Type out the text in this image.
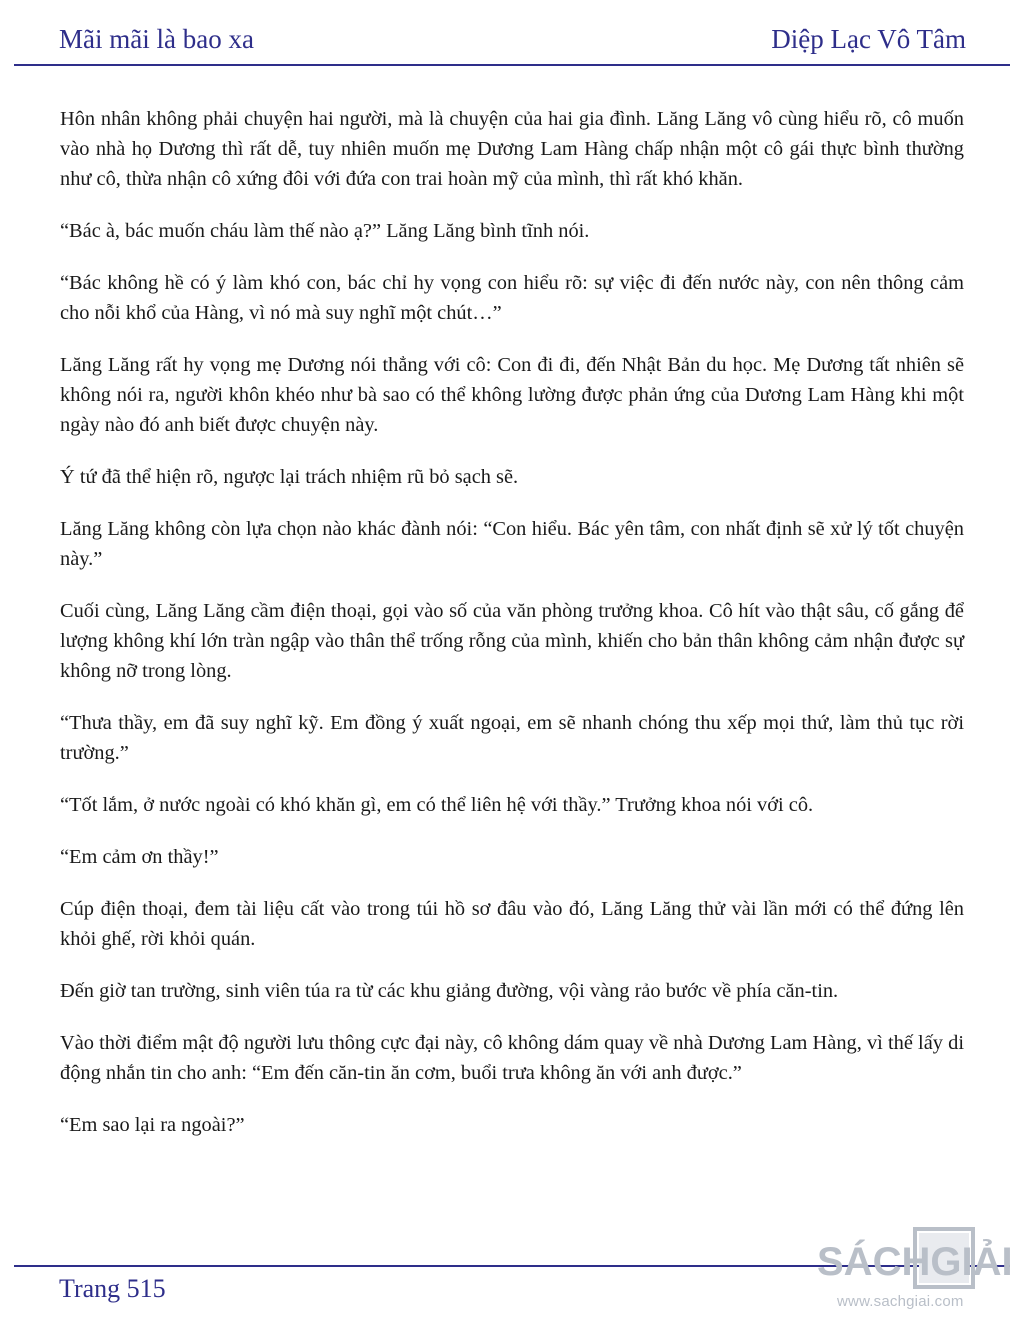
Mãi mãi là bao xa	Diệp Lạc Vô Tâm

Hôn nhân không phải chuyện hai người, mà là chuyện của hai gia đình. Lăng Lăng vô cùng hiểu rõ, cô muốn vào nhà họ Dương thì rất dễ, tuy nhiên muốn mẹ Dương Lam Hàng chấp nhận một cô gái thực bình thường như cô, thừa nhận cô xứng đôi với đứa con trai hoàn mỹ của mình, thì rất khó khăn.

“Bác à, bác muốn cháu làm thế nào ạ?” Lăng Lăng bình tĩnh nói.

“Bác không hề có ý làm khó con, bác chỉ hy vọng con hiểu rõ: sự việc đi đến nước này, con nên thông cảm cho nỗi khổ của Hàng, vì nó mà suy nghĩ một chút…”

Lăng Lăng rất hy vọng mẹ Dương nói thẳng với cô: Con đi đi, đến Nhật Bản du học. Mẹ Dương tất nhiên sẽ không nói ra, người khôn khéo như bà sao có thể không lường được phản ứng của Dương Lam Hàng khi một ngày nào đó anh biết được chuyện này.

Ý tứ đã thể hiện rõ, ngược lại trách nhiệm rũ bỏ sạch sẽ.

Lăng Lăng không còn lựa chọn nào khác đành nói: “Con hiểu. Bác yên tâm, con nhất định sẽ xử lý tốt chuyện này.”

Cuối cùng, Lăng Lăng cầm điện thoại, gọi vào số của văn phòng trưởng khoa. Cô hít vào thật sâu, cố gắng để lượng không khí lớn tràn ngập vào thân thể trống rỗng của mình, khiến cho bản thân không cảm nhận được sự không nỡ trong lòng.

“Thưa thầy, em đã suy nghĩ kỹ. Em đồng ý xuất ngoại, em sẽ nhanh chóng thu xếp mọi thứ, làm thủ tục rời trường.”

“Tốt lắm, ở nước ngoài có khó khăn gì, em có thể liên hệ với thầy.” Trưởng khoa nói với cô.

“Em cảm ơn thầy!”

Cúp điện thoại, đem tài liệu cất vào trong túi hồ sơ đâu vào đó, Lăng Lăng thử vài lần mới có thể đứng lên khỏi ghế, rời khỏi quán.

Đến giờ tan trường, sinh viên túa ra từ các khu giảng đường, vội vàng rảo bước về phía căn-tin.

Vào thời điểm mật độ người lưu thông cực đại này, cô không dám quay về nhà Dương Lam Hàng, vì thế lấy di động nhắn tin cho anh: “Em đến căn-tin ăn cơm, buổi trưa không ăn với anh được.”

“Em sao lại ra ngoài?”

Trang 515
SÁCHGIẢI
www.sachgiai.com
